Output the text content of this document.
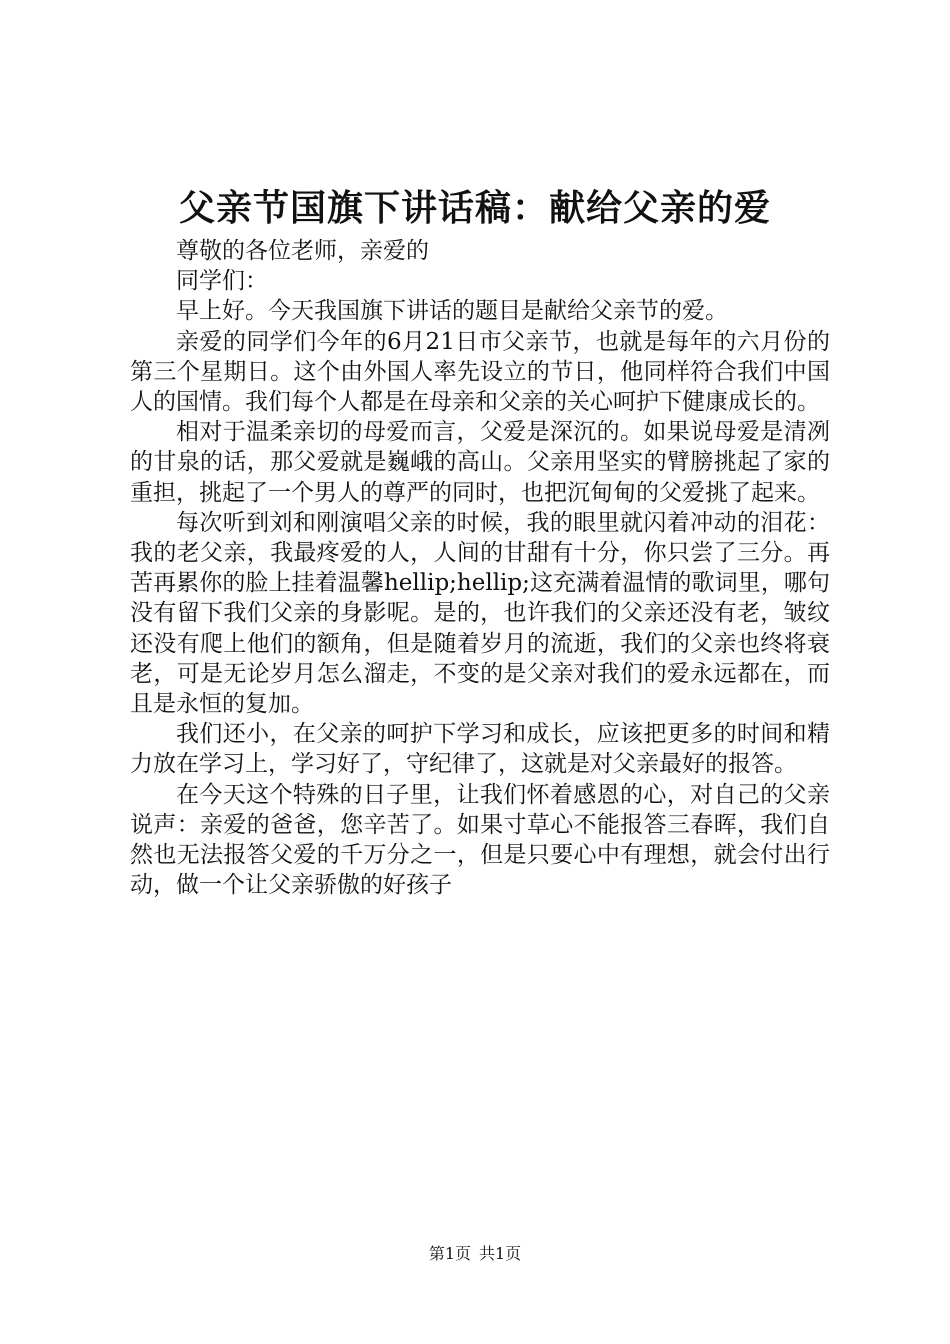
父亲节国旗下讲话稿：献给父亲的爱

尊敬的各位老师，亲爱的

同学们：

早上好。今天我国旗下讲话的题目是献给父亲节的爱。

亲爱的同学们今年的6月21日市父亲节，也就是每年的六月份的第三个星期日。这个由外国人率先设立的节日，他同样符合我们中国人的国情。我们每个人都是在母亲和父亲的关心呵护下健康成长的。

相对于温柔亲切的母爱而言，父爱是深沉的。如果说母爱是清冽的甘泉的话，那父爱就是巍峨的高山。父亲用坚实的臂膀挑起了家的重担，挑起了一个男人的尊严的同时，也把沉甸甸的父爱挑了起来。

每次听到刘和刚演唱父亲的时候，我的眼里就闪着冲动的泪花：我的老父亲，我最疼爱的人，人间的甘甜有十分，你只尝了三分。再苦再累你的脸上挂着温馨hellip;hellip;这充满着温情的歌词里，哪句没有留下我们父亲的身影呢。是的，也许我们的父亲还没有老，皱纹还没有爬上他们的额角，但是随着岁月的流逝，我们的父亲也终将衰老，可是无论岁月怎么溜走，不变的是父亲对我们的爱永远都在，而且是永恒的复加。

我们还小，在父亲的呵护下学习和成长，应该把更多的时间和精力放在学习上，学习好了，守纪律了，这就是对父亲最好的报答。

在今天这个特殊的日子里，让我们怀着感恩的心，对自己的父亲说声：亲爱的爸爸，您辛苦了。如果寸草心不能报答三春晖，我们自然也无法报答父爱的千万分之一，但是只要心中有理想，就会付出行动，做一个让父亲骄傲的好孩子

第1页 共1页
